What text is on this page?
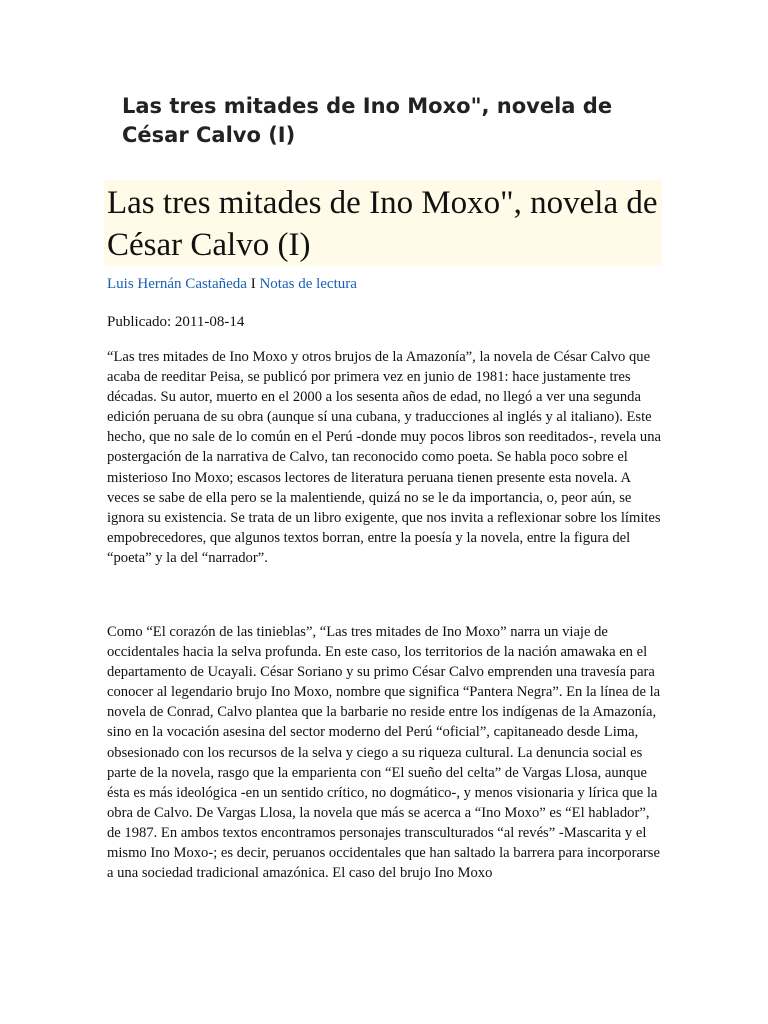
Las tres mitades de Ino Moxo", novela de César Calvo (I)
Las tres mitades de Ino Moxo", novela de César Calvo (I)
Luis Hernán Castañeda I Notas de lectura
Publicado: 2011-08-14

“Las tres mitades de Ino Moxo y otros brujos de la Amazonía”, la novela de César Calvo que acaba de reeditar Peisa, se publicó por primera vez en junio de 1981: hace justamente tres décadas. Su autor, muerto en el 2000 a los sesenta años de edad, no llegó a ver una segunda edición peruana de su obra (aunque sí una cubana, y traducciones al inglés y al italiano). Este hecho, que no sale de lo común en el Perú -donde muy pocos libros son reeditados-, revela una postergación de la narrativa de Calvo, tan reconocido como poeta. Se habla poco sobre el misterioso Ino Moxo; escasos lectores de literatura peruana tienen presente esta novela. A veces se sabe de ella pero se la malentiende, quizá no se le da importancia, o, peor aún, se ignora su existencia. Se trata de un libro exigente, que nos invita a reflexionar sobre los límites empobrecedores, que algunos textos borran, entre la poesía y la novela, entre la figura del “poeta” y la del “narrador”.

Como “El corazón de las tinieblas”, “Las tres mitades de Ino Moxo” narra un viaje de occidentales hacia la selva profunda. En este caso, los territorios de la nación amawaka en el departamento de Ucayali. César Soriano y su primo César Calvo emprenden una travesía para conocer al legendario brujo Ino Moxo, nombre que significa “Pantera Negra”. En la línea de la novela de Conrad, Calvo plantea que la barbarie no reside entre los indígenas de la Amazonía, sino en la vocación asesina del sector moderno del Perú “oficial”, capitaneado desde Lima, obsesionado con los recursos de la selva y ciego a su riqueza cultural. La denuncia social es parte de la novela, rasgo que la emparienta con “El sueño del celta” de Vargas Llosa, aunque ésta es más ideológica -en un sentido crítico, no dogmático-, y menos visionaria y lírica que la obra de Calvo. De Vargas Llosa, la novela que más se acerca a “Ino Moxo” es “El hablador”, de 1987. En ambos textos encontramos personajes transculturados “al revés” -Mascarita y el mismo Ino Moxo-; es decir, peruanos occidentales que han saltado la barrera para incorporarse a una sociedad tradicional amazónica. El caso del brujo Ino Moxo
